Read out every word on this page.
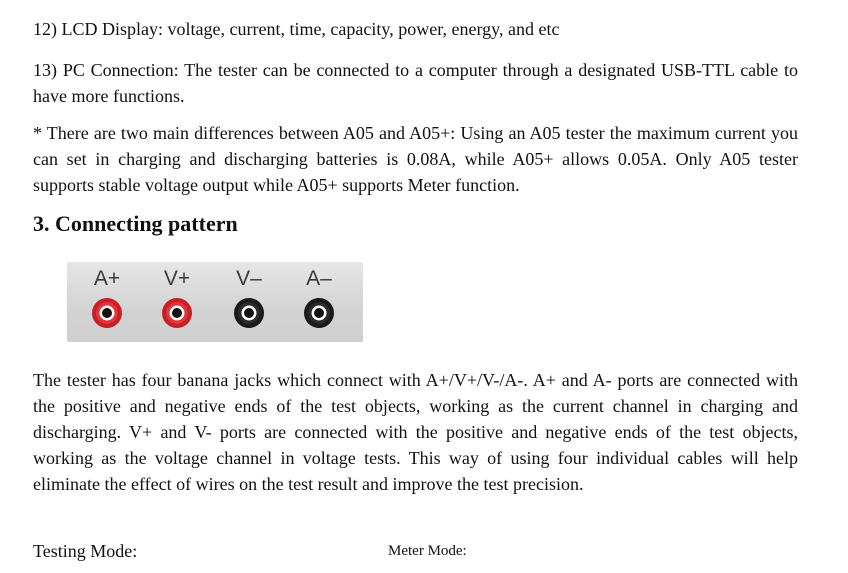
12) LCD Display: voltage, current, time, capacity, power, energy, and etc

13) PC Connection: The tester can be connected to a computer through a designated USB-TTL cable to have more functions.

* There are two main differences between A05 and A05+: Using an A05 tester the maximum current you can set in charging and discharging batteries is 0.08A, while A05+ allows 0.05A. Only A05 tester supports stable voltage output while A05+ supports Meter function.

3. Connecting pattern
A+	V+	V–	A–

The tester has four banana jacks which connect with A+/V+/V-/A-. A+ and A- ports are connected with the positive and negative ends of the test objects, working as the current channel in charging and discharging. V+ and V- ports are connected with the positive and negative ends of the test objects, working as the voltage channel in voltage tests. This way of using four individual cables will help eliminate the effect of wires on the test result and improve the test precision.

Testing Mode:	Meter Mode:
